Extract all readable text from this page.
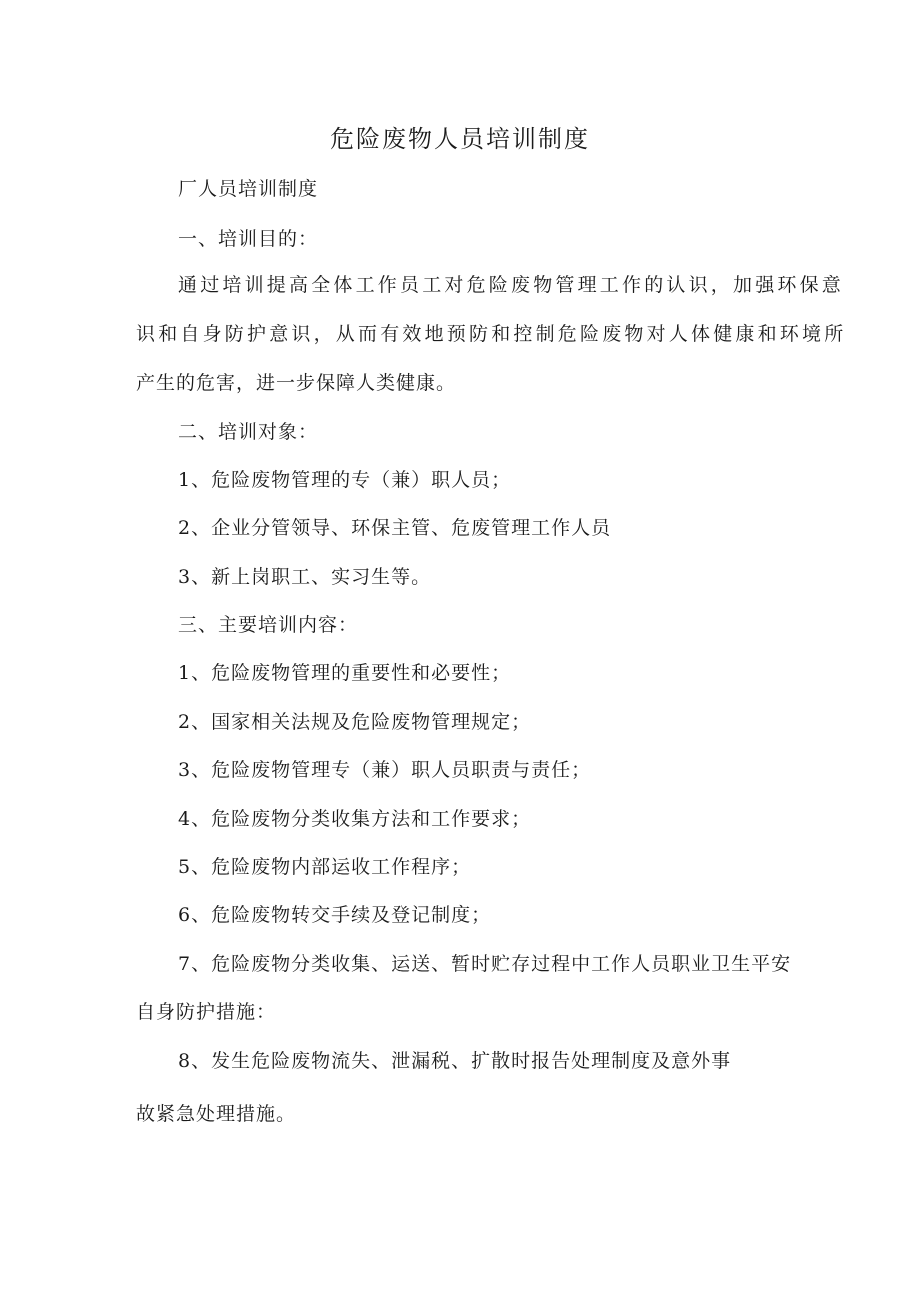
危险废物人员培训制度
厂人员培训制度
一、培训目的：
通过培训提高全体工作员工对危险废物管理工作的认识，加强环保意
识和自身防护意识，从而有效地预防和控制危险废物对人体健康和环境所
产生的危害，进一步保障人类健康。
二、培训对象：
1、危险废物管理的专（兼）职人员；
2、企业分管领导、环保主管、危废管理工作人员
3、新上岗职工、实习生等。
三、主要培训内容：
1、危险废物管理的重要性和必要性；
2、国家相关法规及危险废物管理规定；
3、危险废物管理专（兼）职人员职责与责任；
4、危险废物分类收集方法和工作要求；
5、危险废物内部运收工作程序；
6、危险废物转交手续及登记制度；
7、危险废物分类收集、运送、暂时贮存过程中工作人员职业卫生平安
自身防护措施：
8、发生危险废物流失、泄漏税、扩散时报告处理制度及意外事
故紧急处理措施。
